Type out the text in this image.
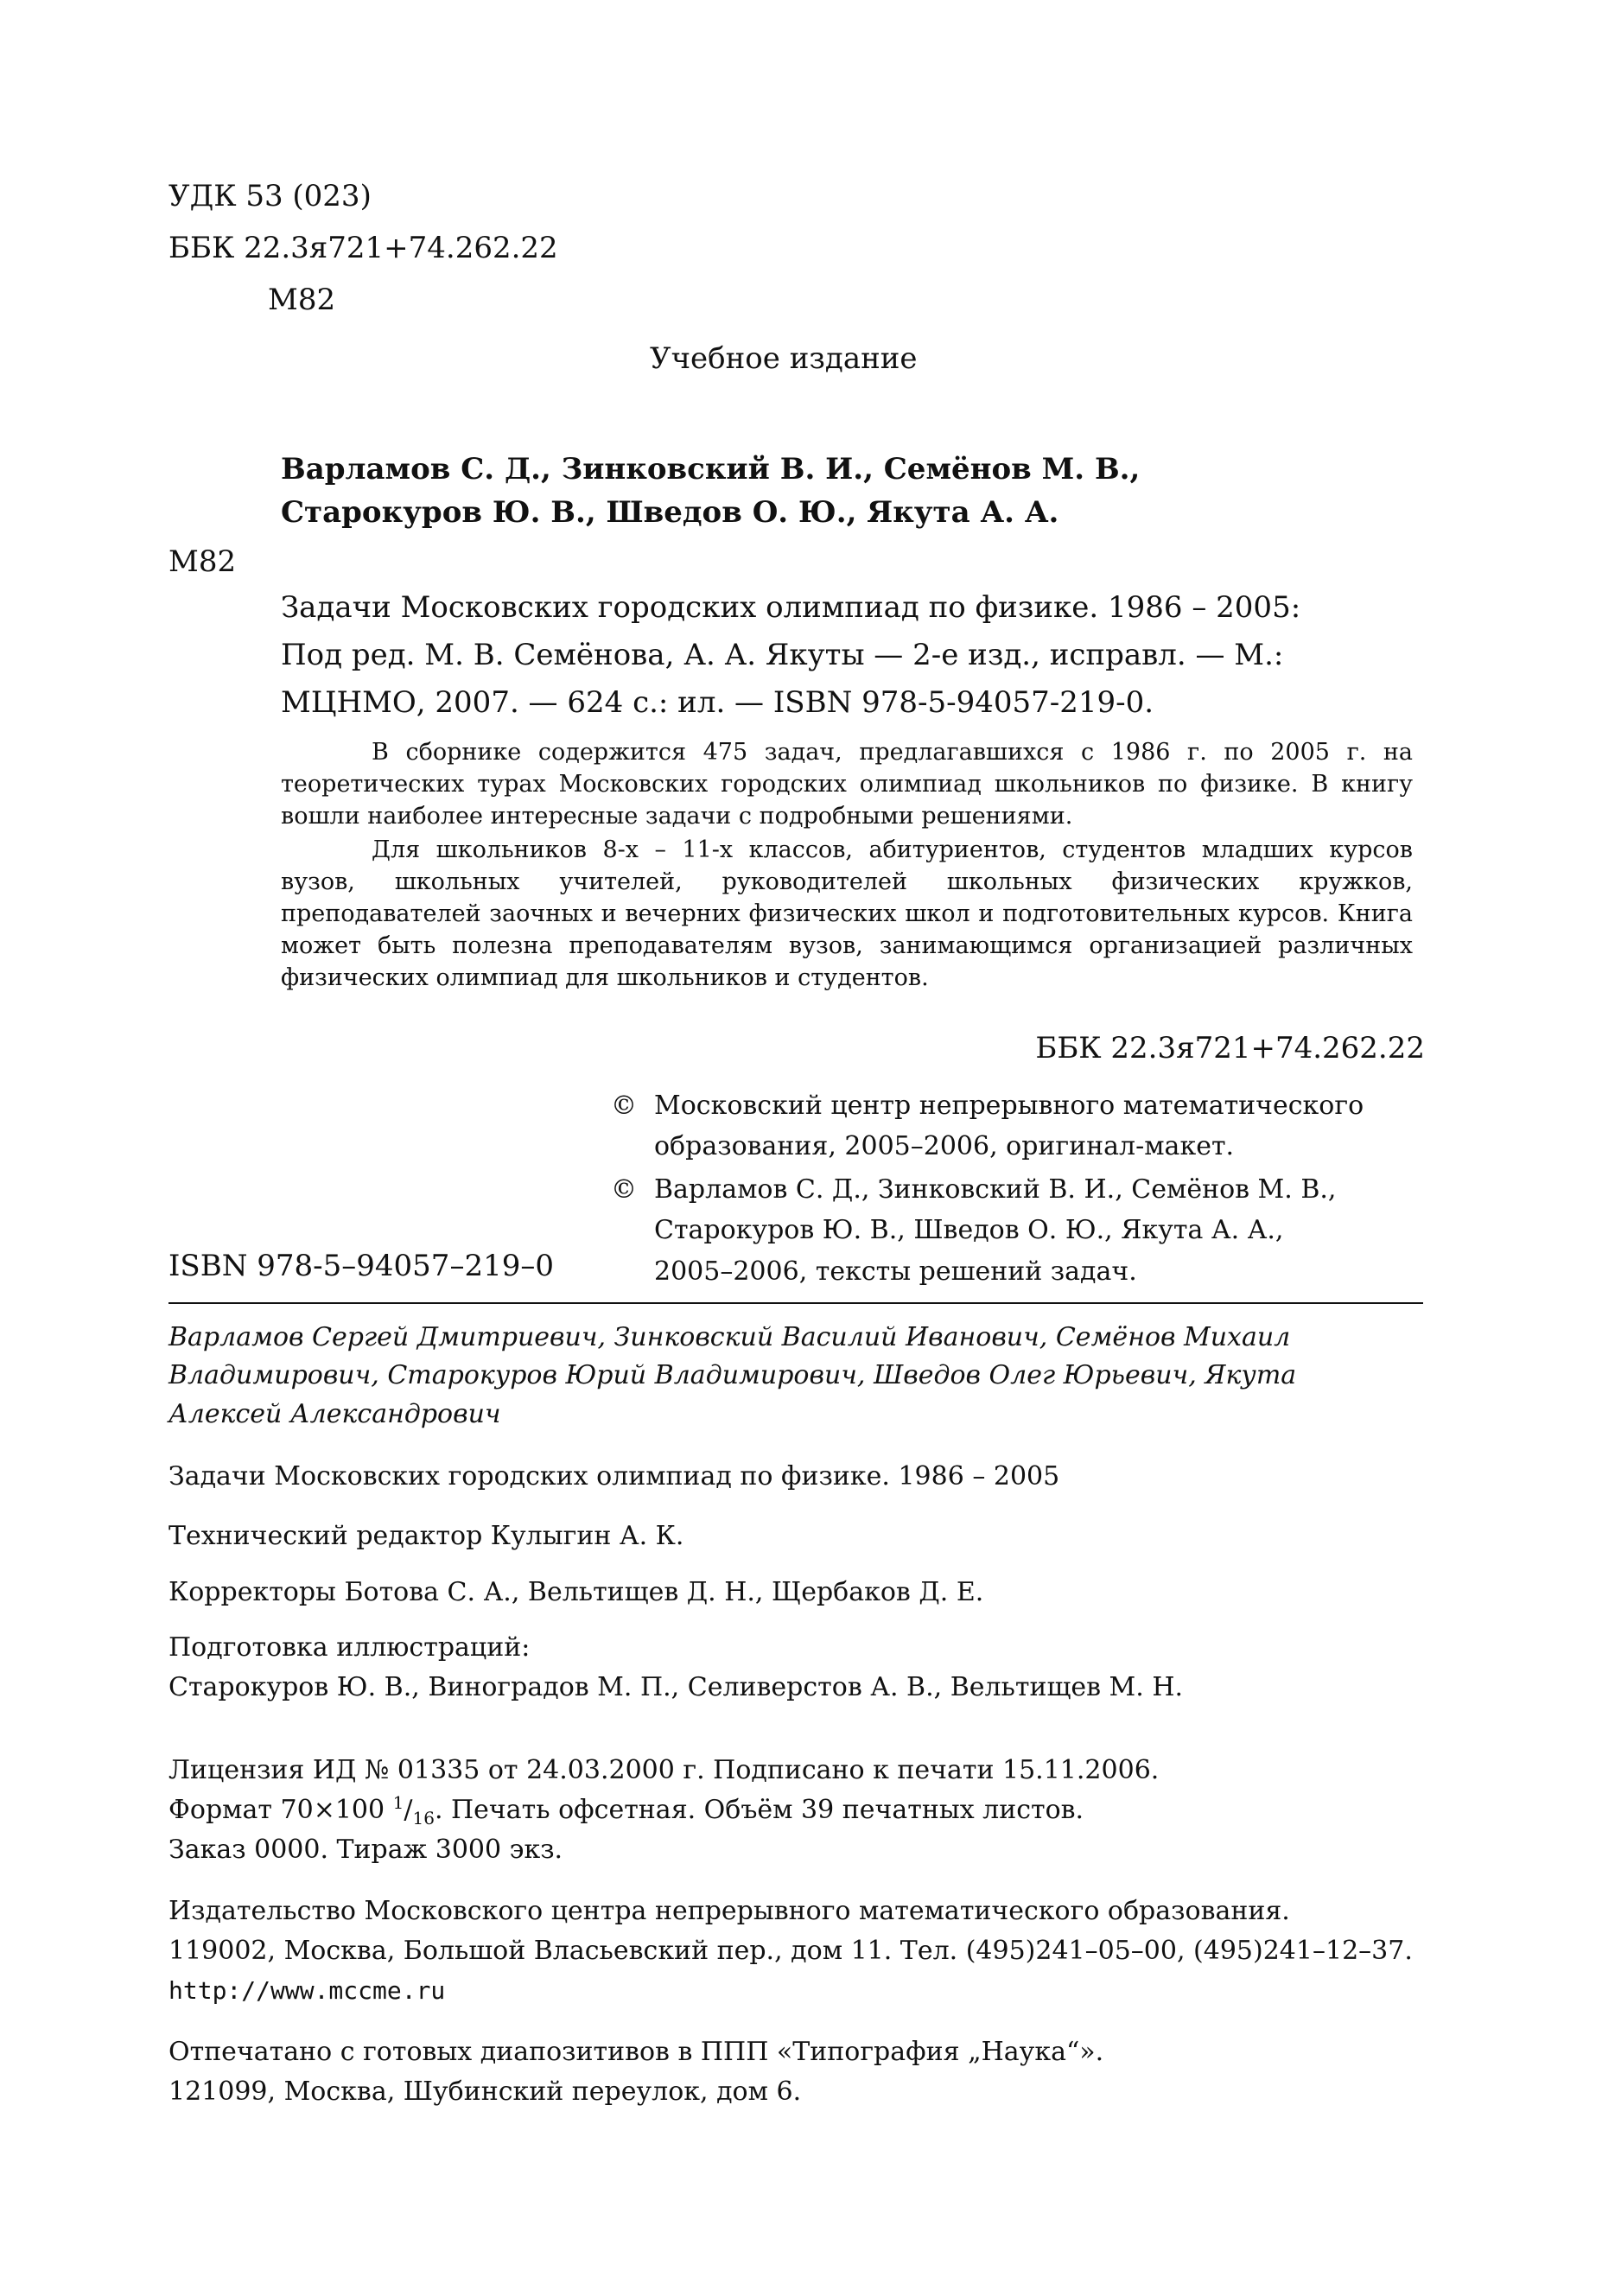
УДК 53 (023)
ББК 22.3я721+74.262.22
М82
Учебное издание
Варламов С. Д., Зинковский В. И., Семёнов М. В.,
Старокуров Ю. В., Шведов О. Ю., Якута А. А.
М82
Задачи Московских городских олимпиад по физике. 1986 – 2005:
Под ред. М. В. Семёнова, А. А. Якуты — 2-е изд., исправл. — М.:
МЦНМО, 2007. — 624 с.: ил. — ISBN 978-5-94057-219-0.
В сборнике содержится 475 задач, предлагавшихся с 1986 г. по 2005 г. на теоретических турах Московских городских олимпиад школьников по физике. В книгу вошли наиболее интересные задачи с подробными решениями.
Для школьников 8-х – 11-х классов, абитуриентов, студентов младших курсов вузов, школьных учителей, руководителей школьных физических кружков, преподавателей заочных и вечерних физических школ и подготовительных курсов. Книга может быть полезна преподавателям вузов, занимающимся организацией различных физических олимпиад для школьников и студентов.
ББК 22.3я721+74.262.22
© Московский центр непрерывного математического
образования, 2005–2006, оригинал-макет.
© Варламов С. Д., Зинковский В. И., Семёнов М. В.,
Старокуров Ю. В., Шведов О. Ю., Якута А. А.,
2005–2006, тексты решений задач.
ISBN 978-5–94057–219–0
Варламов Сергей Дмитриевич, Зинковский Василий Иванович, Семёнов Михаил
Владимирович, Старокуров Юрий Владимирович, Шведов Олег Юрьевич, Якута
Алексей Александрович
Задачи Московских городских олимпиад по физике. 1986 – 2005
Технический редактор Кулыгин А. К.
Корректоры Ботова С. А., Вельтищев Д. Н., Щербаков Д. Е.
Подготовка иллюстраций:
Старокуров Ю. В., Виноградов М. П., Селиверстов А. В., Вельтищев М. Н.
Лицензия ИД № 01335 от 24.03.2000 г. Подписано к печати 15.11.2006.
Формат 70×100 $^1/_{16}$. Печать офсетная. Объём 39 печатных листов.
Заказ 0000. Тираж 3000 экз.
Издательство Московского центра непрерывного математического образования.
119002, Москва, Большой Власьевский пер., дом 11. Тел. (495)241–05–00, (495)241–12–37.
http://www.mccme.ru
Отпечатано с готовых диапозитивов в ППП «Типография „Наука“».
121099, Москва, Шубинский переулок, дом 6.
